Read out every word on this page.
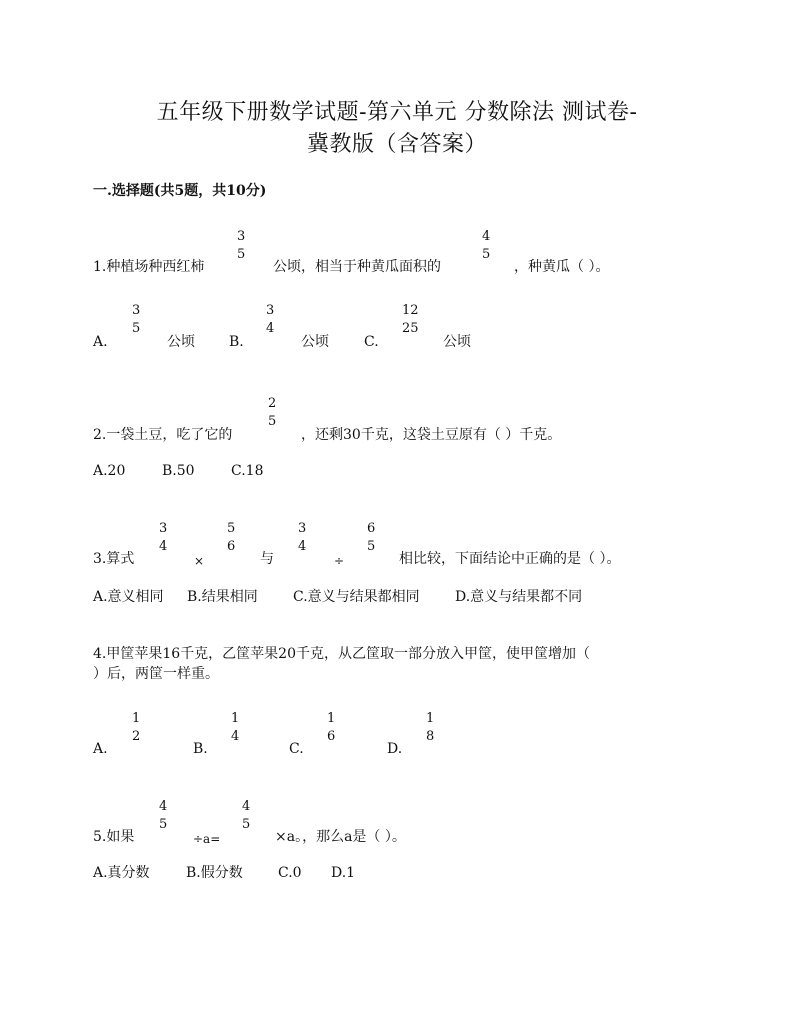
五年级下册数学试题-第六单元 分数除法 测试卷-
冀教版（含答案）
一.选择题(共5题，共10分)
1.种植场种西红柿
3
5
公顷，相当于种黄瓜面积的
4
5
，种黄瓜（ ）。
A.
3
5
公顷 B.
3
4
公顷	C.
12
25
公顷
2.一袋土豆，吃了它的
2
5
，还剩30千克，这袋土豆原有（ ）千克。
A.20	B.50	C.18
3.算式
3
4
×
5
6
与
3
4
÷
6
5
相比较，下面结论中正确的是（ ）。
A.意义相同 B.结果相同	C.意义与结果都相同	D.意义与结果都不同
4.甲筐苹果16千克，乙筐苹果20千克，从乙筐取一部分放入甲筐，使甲筐增加（
）后，两筐一样重。
A.
1
2
B.
1
4
C.
1
6
D.
1
8
5.如果
4
5
÷a=
4
5
×a。，那么a是（ ）。
A.真分数	B.假分数	C.0 D.1
